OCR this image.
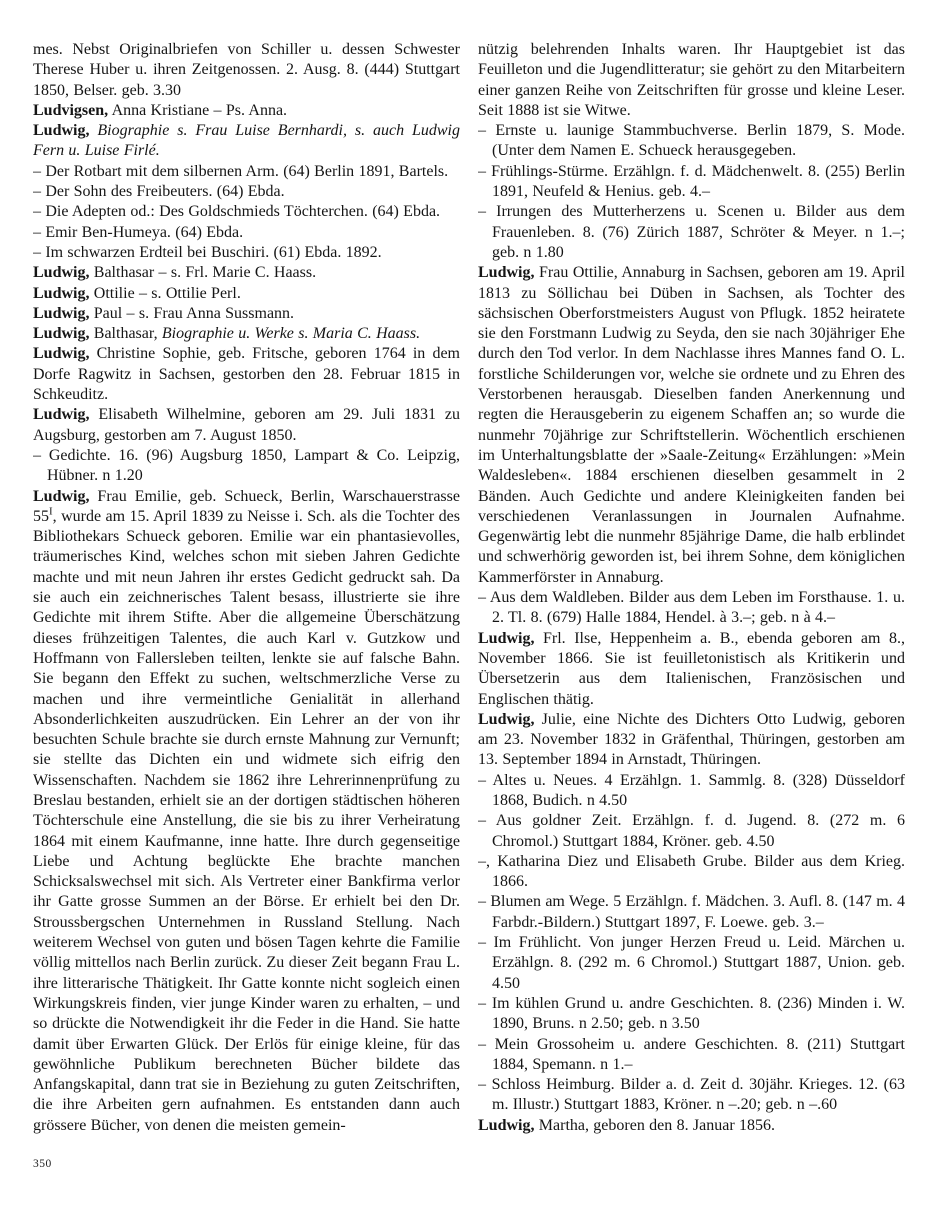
mes. Nebst Originalbriefen von Schiller u. dessen Schwester Therese Huber u. ihren Zeitgenossen. 2. Ausg. 8. (444) Stuttgart 1850, Belser. geb. 3.30

Ludvigsen, Anna Kristiane – Ps. Anna.

Ludwig, Biographie s. Frau Luise Bernhardi, s. auch Ludwig Fern u. Luise Firlé.

– Der Rotbart mit dem silbernen Arm. (64) Berlin 1891, Bartels.

– Der Sohn des Freibeuters. (64) Ebda.

– Die Adepten od.: Des Goldschmieds Töchterchen. (64) Ebda.

– Emir Ben-Humeya. (64) Ebda.

– Im schwarzen Erdteil bei Buschiri. (61) Ebda. 1892.

Ludwig, Balthasar – s. Frl. Marie C. Haass.

Ludwig, Ottilie – s. Ottilie Perl.

Ludwig, Paul – s. Frau Anna Sussmann.

Ludwig, Balthasar, Biographie u. Werke s. Maria C. Haass.

Ludwig, Christine Sophie, geb. Fritsche, geboren 1764 in dem Dorfe Ragwitz in Sachsen, gestorben den 28. Februar 1815 in Schkeuditz.

Ludwig, Elisabeth Wilhelmine, geboren am 29. Juli 1831 zu Augsburg, gestorben am 7. August 1850.

– Gedichte. 16. (96) Augsburg 1850, Lampart & Co. Leipzig, Hübner. n 1.20

Ludwig, Frau Emilie, geb. Schueck, Berlin, Warschauerstrasse $55^I$, wurde am 15. April 1839 zu Neisse i. Sch. als die Tochter des Bibliothekars Schueck geboren. Emilie war ein phantasievolles, träumerisches Kind, welches schon mit sieben Jahren Gedichte machte und mit neun Jahren ihr erstes Gedicht gedruckt sah. Da sie auch ein zeichnerisches Talent besass, illustrierte sie ihre Gedichte mit ihrem Stifte. Aber die allgemeine Überschätzung dieses frühzeitigen Talentes, die auch Karl v. Gutzkow und Hoffmann von Fallersleben teilten, lenkte sie auf falsche Bahn. Sie begann den Effekt zu suchen, weltschmerzliche Verse zu machen und ihre vermeintliche Genialität in allerhand Absonderlichkeiten auszudrücken. Ein Lehrer an der von ihr besuchten Schule brachte sie durch ernste Mahnung zur Vernunft; sie stellte das Dichten ein und widmete sich eifrig den Wissenschaften. Nachdem sie 1862 ihre Lehrerinnenprüfung zu Breslau bestanden, erhielt sie an der dortigen städtischen höheren Töchterschule eine Anstellung, die sie bis zu ihrer Verheiratung 1864 mit einem Kaufmanne, inne hatte. Ihre durch gegenseitige Liebe und Achtung beglückte Ehe brachte manchen Schicksalswechsel mit sich. Als Vertreter einer Bankfirma verlor ihr Gatte grosse Summen an der Börse. Er erhielt bei den Dr. Stroussbergschen Unternehmen in Russland Stellung. Nach weiterem Wechsel von guten und bösen Tagen kehrte die Familie völlig mittellos nach Berlin zurück. Zu dieser Zeit begann Frau L. ihre litterarische Thätigkeit. Ihr Gatte konnte nicht sogleich einen Wirkungskreis finden, vier junge Kinder waren zu erhalten, – und so drückte die Notwendigkeit ihr die Feder in die Hand. Sie hatte damit über Erwarten Glück. Der Erlös für einige kleine, für das gewöhnliche Publikum berechneten Bücher bildete das Anfangskapital, dann trat sie in Beziehung zu guten Zeitschriften, die ihre Arbeiten gern aufnahmen. Es entstanden dann auch grössere Bücher, von denen die meisten gemein-

nützig belehrenden Inhalts waren. Ihr Hauptgebiet ist das Feuilleton und die Jugendlitteratur; sie gehört zu den Mitarbeitern einer ganzen Reihe von Zeitschriften für grosse und kleine Leser. Seit 1888 ist sie Witwe.

– Ernste u. launige Stammbuchverse. Berlin 1879, S. Mode. (Unter dem Namen E. Schueck herausgegeben.

– Frühlings-Stürme. Erzählgn. f. d. Mädchenwelt. 8. (255) Berlin 1891, Neufeld & Henius. geb. 4.–

– Irrungen des Mutterherzens u. Scenen u. Bilder aus dem Frauenleben. 8. (76) Zürich 1887, Schröter & Meyer. n 1.–; geb. n 1.80

Ludwig, Frau Ottilie, Annaburg in Sachsen, geboren am 19. April 1813 zu Söllichau bei Düben in Sachsen, als Tochter des sächsischen Oberforstmeisters August von Pflugk. 1852 heiratete sie den Forstmann Ludwig zu Seyda, den sie nach 30jähriger Ehe durch den Tod verlor. In dem Nachlasse ihres Mannes fand O. L. forstliche Schilderungen vor, welche sie ordnete und zu Ehren des Verstorbenen herausgab. Dieselben fanden Anerkennung und regten die Herausgeberin zu eigenem Schaffen an; so wurde die nunmehr 70jährige zur Schriftstellerin. Wöchentlich erschienen im Unterhaltungsblatte der »Saale-Zeitung« Erzählungen: »Mein Waldesleben«. 1884 erschienen dieselben gesammelt in 2 Bänden. Auch Gedichte und andere Kleinigkeiten fanden bei verschiedenen Veranlassungen in Journalen Aufnahme. Gegenwärtig lebt die nunmehr 85jährige Dame, die halb erblindet und schwerhörig geworden ist, bei ihrem Sohne, dem königlichen Kammerförster in Annaburg.

– Aus dem Waldleben. Bilder aus dem Leben im Forsthause. 1. u. 2. Tl. 8. (679) Halle 1884, Hendel. à 3.–; geb. n à 4.–

Ludwig, Frl. Ilse, Heppenheim a. B., ebenda geboren am 8., November 1866. Sie ist feuilletonistisch als Kritikerin und Übersetzerin aus dem Italienischen, Französischen und Englischen thätig.

Ludwig, Julie, eine Nichte des Dichters Otto Ludwig, geboren am 23. November 1832 in Gräfenthal, Thüringen, gestorben am 13. September 1894 in Arnstadt, Thüringen.

– Altes u. Neues. 4 Erzählgn. 1. Sammlg. 8. (328) Düsseldorf 1868, Budich. n 4.50

– Aus goldner Zeit. Erzählgn. f. d. Jugend. 8. (272 m. 6 Chromol.) Stuttgart 1884, Kröner. geb. 4.50

–, Katharina Diez und Elisabeth Grube. Bilder aus dem Krieg. 1866.

– Blumen am Wege. 5 Erzählgn. f. Mädchen. 3. Aufl. 8. (147 m. 4 Farbdr.-Bildern.) Stuttgart 1897, F. Loewe. geb. 3.–

– Im Frühlicht. Von junger Herzen Freud u. Leid. Märchen u. Erzählgn. 8. (292 m. 6 Chromol.) Stuttgart 1887, Union. geb. 4.50

– Im kühlen Grund u. andre Geschichten. 8. (236) Minden i. W. 1890, Bruns. n 2.50; geb. n 3.50

– Mein Grossoheim u. andere Geschichten. 8. (211) Stuttgart 1884, Spemann. n 1.–

– Schloss Heimburg. Bilder a. d. Zeit d. 30jähr. Krieges. 12. (63 m. Illustr.) Stuttgart 1883, Kröner. n –.20; geb. n –.60

Ludwig, Martha, geboren den 8. Januar 1856.

350
